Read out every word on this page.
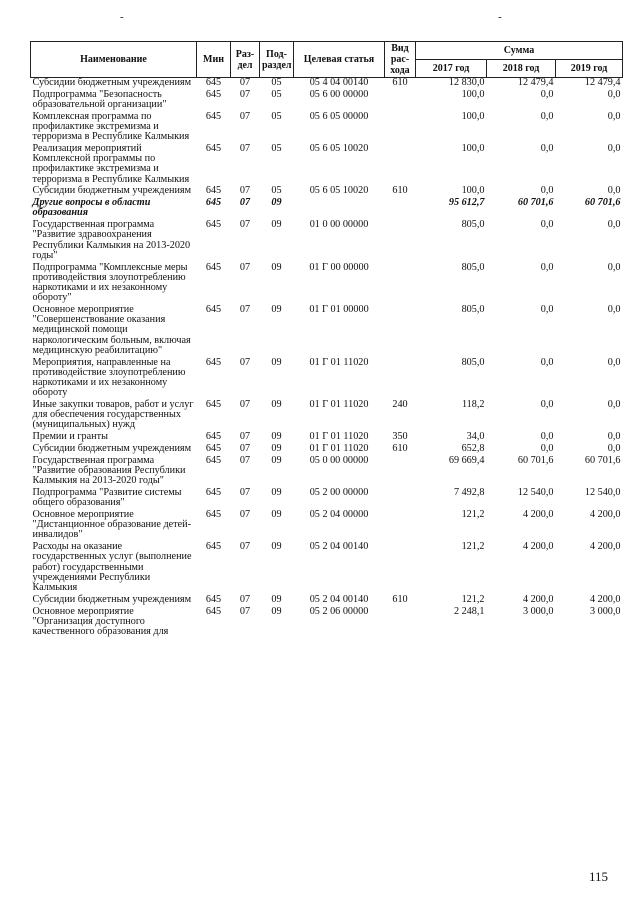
-	-
Наименование	Мин	Раз-дел	Под-раздел	Целевая статья	Вид рас-хода	Сумма		
						2017 год	2018 год	2019 год
Субсидии бюджетным учреждениям	645	07	05	05 4 04 00140	610	12 830,0	12 479,4	12 479,4
Подпрограмма "Безопасность образовательной организации"	645	07	05	05 6 00 00000		100,0	0,0	0,0
Комплексная программа по профилактике экстремизма и терроризма в Республике Калмыкия	645	07	05	05 6 05 00000		100,0	0,0	0,0
Реализация мероприятий Комплексной программы по профилактике экстремизма и терроризма в Республике Калмыкия	645	07	05	05 6 05 10020		100,0	0,0	0,0
Субсидии бюджетным учреждениям	645	07	05	05 6 05 10020	610	100,0	0,0	0,0
Другие вопросы в области образования	645	07	09			95 612,7	60 701,6	60 701,6
Государственная программа "Развитие здравоохранения Республики Калмыкия на 2013-2020 годы"	645	07	09	01 0 00 00000		805,0	0,0	0,0
Подпрограмма "Комплексные меры противодействия злоупотреблению наркотиками и их незаконному обороту"	645	07	09	01 Г 00 00000		805,0	0,0	0,0
Основное мероприятие "Совершенствование оказания медицинской помощи наркологическим больным, включая медицинскую реабилитацию"	645	07	09	01 Г 01 00000		805,0	0,0	0,0
Мероприятия, направленные на противодействие злоупотреблению наркотиками и их незаконному обороту	645	07	09	01 Г 01 11020		805,0	0,0	0,0
Иные закупки товаров, работ и услуг для обеспечения государственных (муниципальных) нужд	645	07	09	01 Г 01 11020	240	118,2	0,0	0,0
Премии и гранты	645	07	09	01 Г 01 11020	350	34,0	0,0	0,0
Субсидии бюджетным учреждениям	645	07	09	01 Г 01 11020	610	652,8	0,0	0,0
Государственная программа "Развитие образования Республики Калмыкия на 2013-2020 годы"	645	07	09	05 0 00 00000		69 669,4	60 701,6	60 701,6
Подпрограмма "Развитие системы общего образования"	645	07	09	05 2 00 00000		7 492,8	12 540,0	12 540,0
Основное мероприятие "Дистанционное образование детей-инвалидов"	645	07	09	05 2 04 00000		121,2	4 200,0	4 200,0
Расходы на оказание государственных услуг (выполнение работ) государственными учреждениями Республики Калмыкия	645	07	09	05 2 04 00140		121,2	4 200,0	4 200,0
Субсидии бюджетным учреждениям	645	07	09	05 2 04 00140	610	121,2	4 200,0	4 200,0
Основное мероприятие "Организация доступного качественного образования для	645	07	09	05 2 06 00000		2 248,1	3 000,0	3 000,0
115
